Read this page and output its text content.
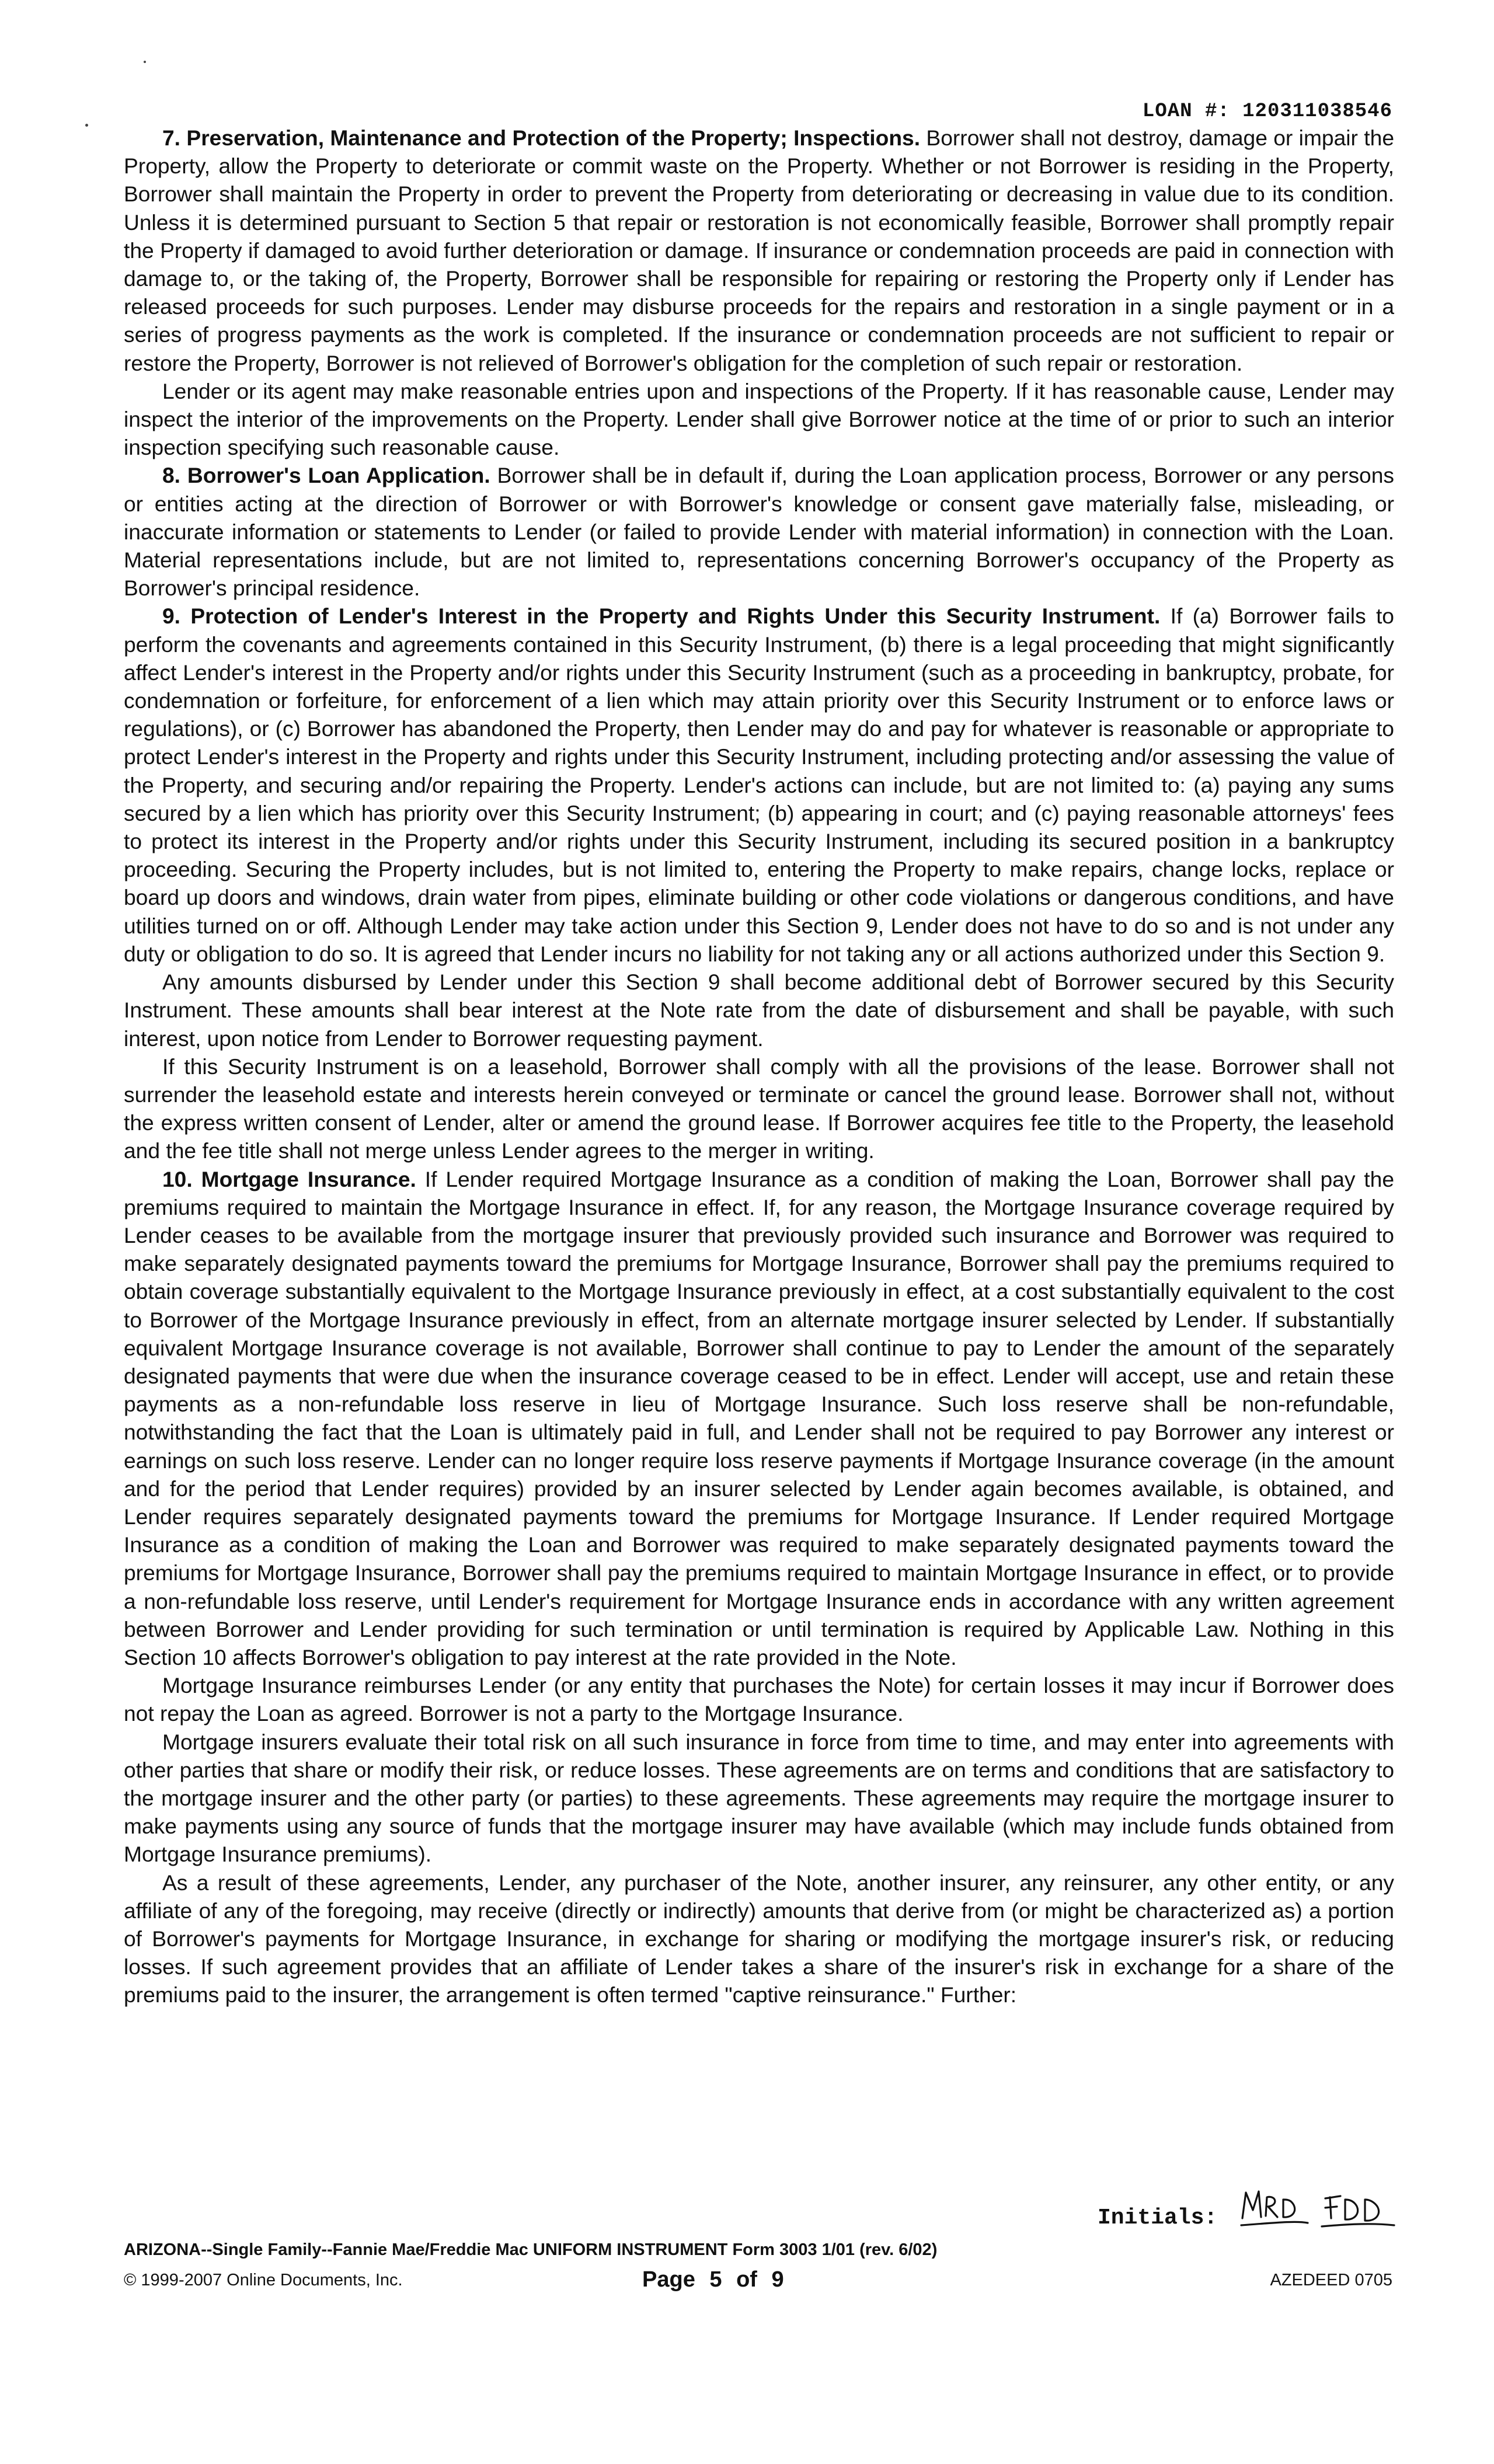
LOAN #: 120311038546

7. Preservation, Maintenance and Protection of the Property; Inspections. Borrower shall not destroy, damage or impair the Property, allow the Property to deteriorate or commit waste on the Property. Whether or not Borrower is residing in the Property, Borrower shall maintain the Property in order to prevent the Property from deteriorating or decreasing in value due to its condition. Unless it is determined pursuant to Section 5 that repair or restoration is not economically feasible, Borrower shall promptly repair the Property if damaged to avoid further deterioration or damage. If insurance or condemnation proceeds are paid in connection with damage to, or the taking of, the Property, Borrower shall be responsible for repairing or restoring the Property only if Lender has released proceeds for such purposes. Lender may disburse proceeds for the repairs and restoration in a single payment or in a series of progress payments as the work is completed. If the insurance or condemnation proceeds are not sufficient to repair or restore the Property, Borrower is not relieved of Borrower's obligation for the completion of such repair or restoration.

Lender or its agent may make reasonable entries upon and inspections of the Property. If it has reasonable cause, Lender may inspect the interior of the improvements on the Property. Lender shall give Borrower notice at the time of or prior to such an interior inspection specifying such reasonable cause.

8. Borrower's Loan Application. Borrower shall be in default if, during the Loan application process, Borrower or any persons or entities acting at the direction of Borrower or with Borrower's knowledge or consent gave materially false, misleading, or inaccurate information or statements to Lender (or failed to provide Lender with material information) in connection with the Loan. Material representations include, but are not limited to, representations concerning Borrower's occupancy of the Property as Borrower's principal residence.

9. Protection of Lender's Interest in the Property and Rights Under this Security Instrument. If (a) Borrower fails to perform the covenants and agreements contained in this Security Instrument, (b) there is a legal proceeding that might significantly affect Lender's interest in the Property and/or rights under this Security Instrument (such as a proceeding in bankruptcy, probate, for condemnation or forfeiture, for enforcement of a lien which may attain priority over this Security Instrument or to enforce laws or regulations), or (c) Borrower has abandoned the Property, then Lender may do and pay for whatever is reasonable or appropriate to protect Lender's interest in the Property and rights under this Security Instrument, including protecting and/or assessing the value of the Property, and securing and/or repairing the Property. Lender's actions can include, but are not limited to: (a) paying any sums secured by a lien which has priority over this Security Instrument; (b) appearing in court; and (c) paying reasonable attorneys' fees to protect its interest in the Property and/or rights under this Security Instrument, including its secured position in a bankruptcy proceeding. Securing the Property includes, but is not limited to, entering the Property to make repairs, change locks, replace or board up doors and windows, drain water from pipes, eliminate building or other code violations or dangerous conditions, and have utilities turned on or off. Although Lender may take action under this Section 9, Lender does not have to do so and is not under any duty or obligation to do so. It is agreed that Lender incurs no liability for not taking any or all actions authorized under this Section 9.

Any amounts disbursed by Lender under this Section 9 shall become additional debt of Borrower secured by this Security Instrument. These amounts shall bear interest at the Note rate from the date of disbursement and shall be payable, with such interest, upon notice from Lender to Borrower requesting payment.

If this Security Instrument is on a leasehold, Borrower shall comply with all the provisions of the lease. Borrower shall not surrender the leasehold estate and interests herein conveyed or terminate or cancel the ground lease. Borrower shall not, without the express written consent of Lender, alter or amend the ground lease. If Borrower acquires fee title to the Property, the leasehold and the fee title shall not merge unless Lender agrees to the merger in writing.

10. Mortgage Insurance. If Lender required Mortgage Insurance as a condition of making the Loan, Borrower shall pay the premiums required to maintain the Mortgage Insurance in effect. If, for any reason, the Mortgage Insurance coverage required by Lender ceases to be available from the mortgage insurer that previously provided such insurance and Borrower was required to make separately designated payments toward the premiums for Mortgage Insurance, Borrower shall pay the premiums required to obtain coverage substantially equivalent to the Mortgage Insurance previously in effect, at a cost substantially equivalent to the cost to Borrower of the Mortgage Insurance previously in effect, from an alternate mortgage insurer selected by Lender. If substantially equivalent Mortgage Insurance coverage is not available, Borrower shall continue to pay to Lender the amount of the separately designated payments that were due when the insurance coverage ceased to be in effect. Lender will accept, use and retain these payments as a non-refundable loss reserve in lieu of Mortgage Insurance. Such loss reserve shall be non-refundable, notwithstanding the fact that the Loan is ultimately paid in full, and Lender shall not be required to pay Borrower any interest or earnings on such loss reserve. Lender can no longer require loss reserve payments if Mortgage Insurance coverage (in the amount and for the period that Lender requires) provided by an insurer selected by Lender again becomes available, is obtained, and Lender requires separately designated payments toward the premiums for Mortgage Insurance. If Lender required Mortgage Insurance as a condition of making the Loan and Borrower was required to make separately designated payments toward the premiums for Mortgage Insurance, Borrower shall pay the premiums required to maintain Mortgage Insurance in effect, or to provide a non-refundable loss reserve, until Lender's requirement for Mortgage Insurance ends in accordance with any written agreement between Borrower and Lender providing for such termination or until termination is required by Applicable Law. Nothing in this Section 10 affects Borrower's obligation to pay interest at the rate provided in the Note.

Mortgage Insurance reimburses Lender (or any entity that purchases the Note) for certain losses it may incur if Borrower does not repay the Loan as agreed. Borrower is not a party to the Mortgage Insurance.

Mortgage insurers evaluate their total risk on all such insurance in force from time to time, and may enter into agreements with other parties that share or modify their risk, or reduce losses. These agreements are on terms and conditions that are satisfactory to the mortgage insurer and the other party (or parties) to these agreements. These agreements may require the mortgage insurer to make payments using any source of funds that the mortgage insurer may have available (which may include funds obtained from Mortgage Insurance premiums).

As a result of these agreements, Lender, any purchaser of the Note, another insurer, any reinsurer, any other entity, or any affiliate of any of the foregoing, may receive (directly or indirectly) amounts that derive from (or might be characterized as) a portion of Borrower's payments for Mortgage Insurance, in exchange for sharing or modifying the mortgage insurer's risk, or reducing losses. If such agreement provides that an affiliate of Lender takes a share of the insurer's risk in exchange for a share of the premiums paid to the insurer, the arrangement is often termed "captive reinsurance." Further:

Initials:
ARIZONA--Single Family--Fannie Mae/Freddie Mac UNIFORM INSTRUMENT Form 3003 1/01 (rev. 6/02)
© 1999-2007 Online Documents, Inc.	Page 5 of 9	AZEDEED 0705
